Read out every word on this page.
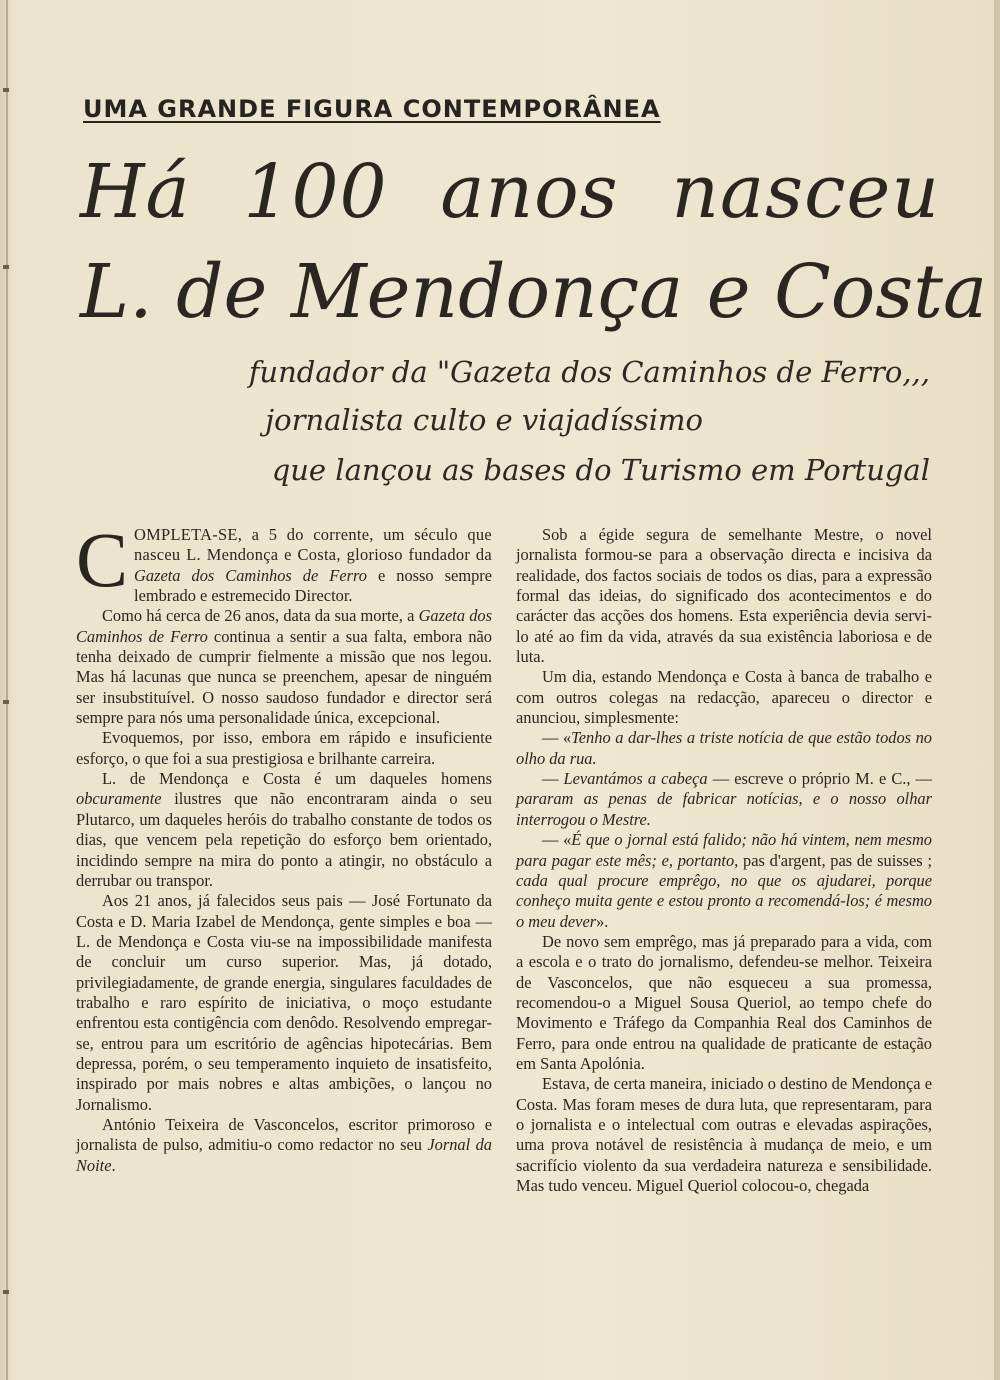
UMA GRANDE FIGURA CONTEMPORÂNEA
Há 100 anos nasceu
L. de Mendonça e Costa
fundador da "Gazeta dos Caminhos de Ferro,,,
jornalista culto e viajadíssimo
que lançou as bases do Turismo em Portugal

COMPLETA-SE, a 5 do corrente, um século que nasceu L. Mendonça e Costa, glorioso fundador da Gazeta dos Caminhos de Ferro e nosso sempre lembrado e estremecido Director.

Como há cerca de 26 anos, data da sua morte, a Gazeta dos Caminhos de Ferro continua a sentir a sua falta, embora não tenha deixado de cumprir fielmente a missão que nos legou. Mas há lacunas que nunca se preenchem, apesar de ninguém ser insubstituível. O nosso saudoso fundador e director será sempre para nós uma personalidade única, excepcional.

Evoquemos, por isso, embora em rápido e insuficiente esforço, o que foi a sua prestigiosa e brilhante carreira.

L. de Mendonça e Costa é um daqueles homens obcuramente ilustres que não encontraram ainda o seu Plutarco, um daqueles heróis do trabalho constante de todos os dias, que vencem pela repetição do esforço bem orientado, incidindo sempre na mira do ponto a atingir, no obstáculo a derrubar ou transpor.

Aos 21 anos, já falecidos seus pais — José Fortunato da Costa e D. Maria Izabel de Mendonça, gente simples e boa — L. de Mendonça e Costa viu-se na impossibilidade manifesta de concluir um curso superior. Mas, já dotado, privilegiadamente, de grande energia, singulares faculdades de trabalho e raro espírito de iniciativa, o moço estudante enfrentou esta contigência com denôdo. Resolvendo empregar-se, entrou para um escritório de agências hipotecárias. Bem depressa, porém, o seu temperamento inquieto de insatisfeito, inspirado por mais nobres e altas ambições, o lançou no Jornalismo.

António Teixeira de Vasconcelos, escritor primoroso e jornalista de pulso, admitiu-o como redactor no seu Jornal da Noite.

Sob a égide segura de semelhante Mestre, o novel jornalista formou-se para a observação directa e incisiva da realidade, dos factos sociais de todos os dias, para a expressão formal das ideias, do significado dos acontecimentos e do carácter das acções dos homens. Esta experiência devia servi-lo até ao fim da vida, através da sua existência laboriosa e de luta.

Um dia, estando Mendonça e Costa à banca de trabalho e com outros colegas na redacção, apareceu o director e anunciou, simplesmente:

— «Tenho a dar-lhes a triste notícia de que estão todos no olho da rua.

— Levantámos a cabeça — escreve o próprio M. e C., — pararam as penas de fabricar notícias, e o nosso olhar interrogou o Mestre.

— «É que o jornal está falido; não há vintem, nem mesmo para pagar este mês; e, portanto, pas d'argent, pas de suisses ; cada qual procure emprêgo, no que os ajudarei, porque conheço muita gente e estou pronto a recomendá-los; é mesmo o meu dever».

De novo sem emprêgo, mas já preparado para a vida, com a escola e o trato do jornalismo, defendeu-se melhor. Teixeira de Vasconcelos, que não esqueceu a sua promessa, recomendou-o a Miguel Sousa Queriol, ao tempo chefe do Movimento e Tráfego da Companhia Real dos Caminhos de Ferro, para onde entrou na qualidade de praticante de estação em Santa Apolónia.

Estava, de certa maneira, iniciado o destino de Mendonça e Costa. Mas foram meses de dura luta, que representaram, para o jornalista e o intelectual com outras e elevadas aspirações, uma prova notável de resistência à mudança de meio, e um sacrifício violento da sua verdadeira natureza e sensibilidade. Mas tudo venceu. Miguel Queriol colocou-o, chegada
